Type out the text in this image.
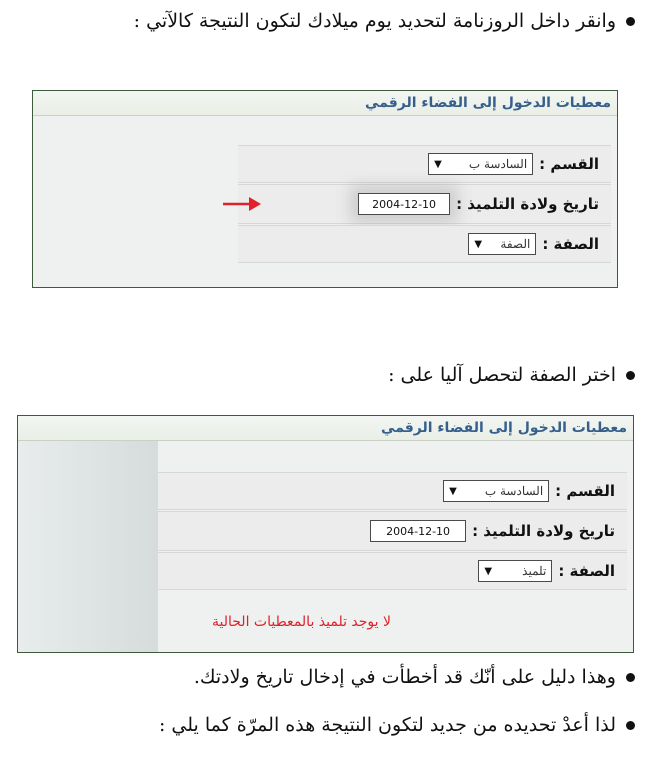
وانقر داخل الروزنامة لتحديد يوم ميلادك لتكون النتيجة كالآتي :
معطيات الدخول إلى الفضاء الرقمي
القسم :
السادسة ب
▼
تاريخ ولادة التلميذ :
2004-12-10
الصفة :
الصفة
▼
اختر الصفة لتحصل آليا على :
معطيات الدخول إلى الفضاء الرقمي
القسم :
السادسة ب
▼
تاريخ ولادة التلميذ :
2004-12-10
الصفة :
تلميذ
▼
لا يوجد تلميذ بالمعطيات الحالية
وهذا دليل على أنّك قد أخطأت في إدخال تاريخ ولادتك.
لذا أعدْ تحديده من جديد لتكون النتيجة هذه المرّة كما يلي :
